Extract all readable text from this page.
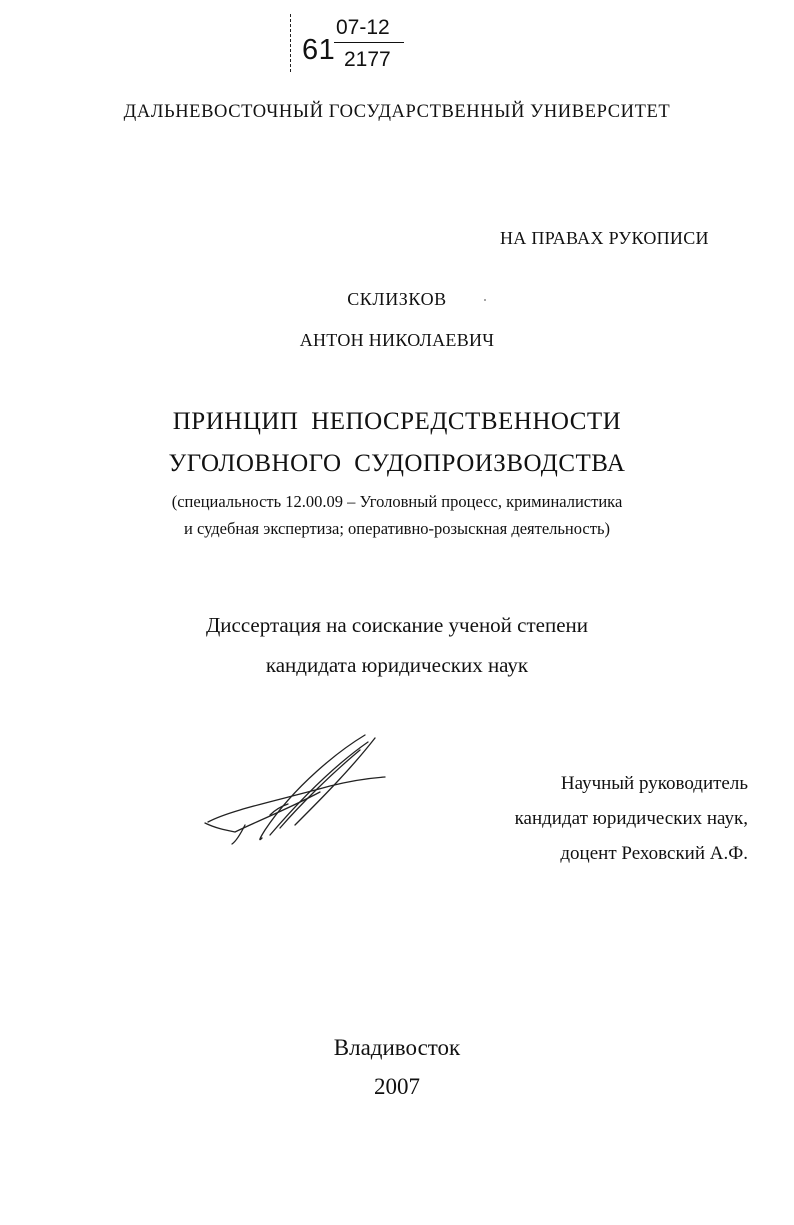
61
07-12
2177
ДАЛЬНЕВОСТОЧНЫЙ ГОСУДАРСТВЕННЫЙ УНИВЕРСИТЕТ
НА ПРАВАХ РУКОПИСИ
СКЛИЗКОВ
АНТОН НИКОЛАЕВИЧ
ПРИНЦИП НЕПОСРЕДСТВЕННОСТИ
УГОЛОВНОГО СУДОПРОИЗВОДСТВА
(специальность 12.00.09 – Уголовный процесс, криминалистика
и судебная экспертиза; оперативно-розыскная деятельность)
Диссертация на соискание ученой степени
кандидата юридических наук
Научный руководитель
кандидат юридических наук,
доцент Реховский А.Ф.
Владивосток
2007
